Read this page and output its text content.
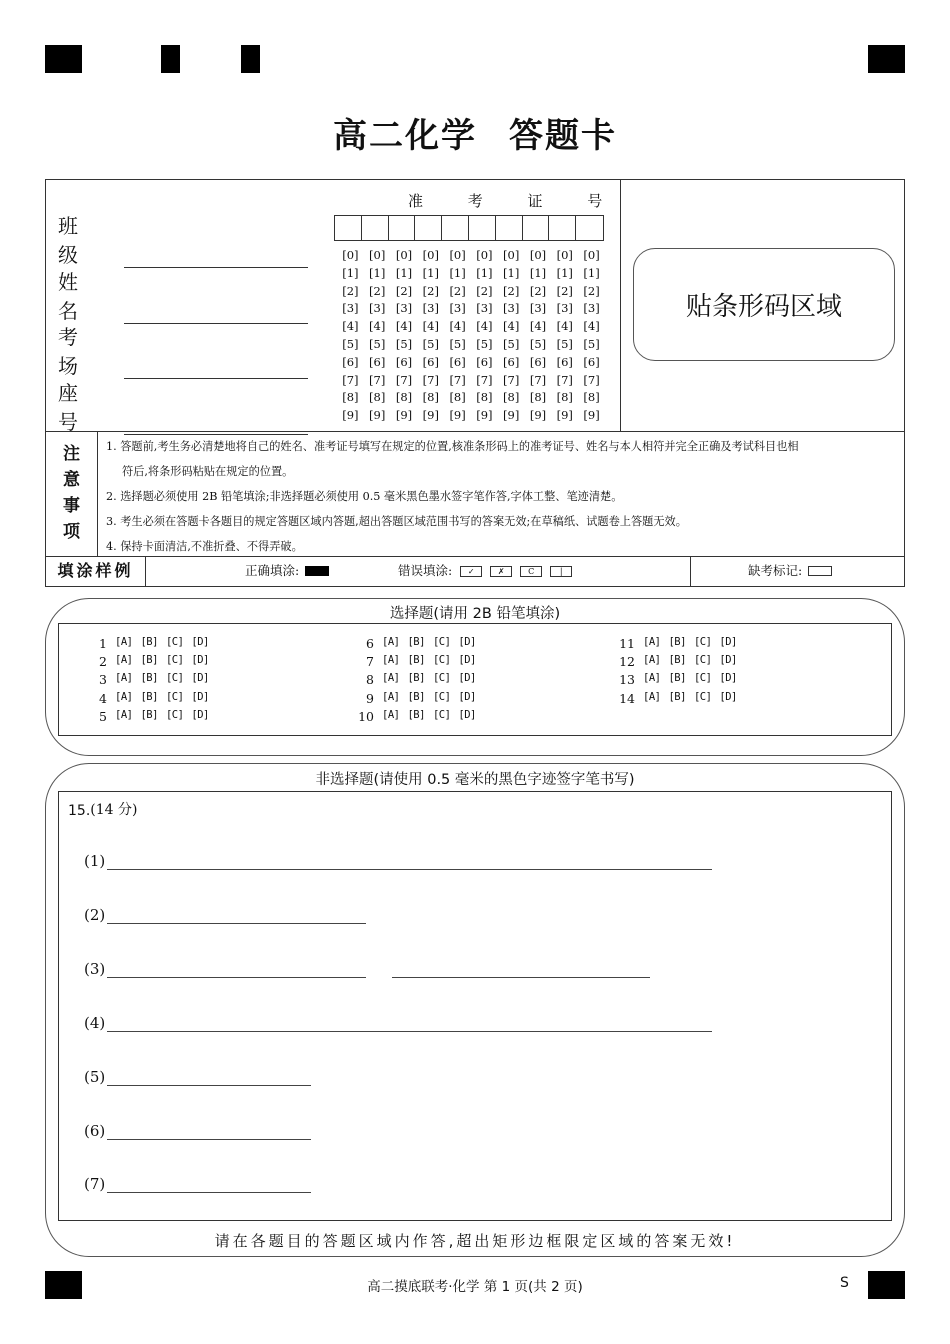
高二化学 答题卡
班 级
姓 名
考 场
座 号
准 考 证 号
[0] [0] [0] [0] [0] [0] [0] [0] [0] [0]
[1] [1] [1] [1] [1] [1] [1] [1] [1] [1]
[2] [2] [2] [2] [2] [2] [2] [2] [2] [2]
[3] [3] [3] [3] [3] [3] [3] [3] [3] [3]
[4] [4] [4] [4] [4] [4] [4] [4] [4] [4]
[5] [5] [5] [5] [5] [5] [5] [5] [5] [5]
[6] [6] [6] [6] [6] [6] [6] [6] [6] [6]
[7] [7] [7] [7] [7] [7] [7] [7] [7] [7]
[8] [8] [8] [8] [8] [8] [8] [8] [8] [8]
[9] [9] [9] [9] [9] [9] [9] [9] [9] [9]
贴条形码区域
注
意
事
项
1. 答题前,考生务必清楚地将自己的姓名、准考证号填写在规定的位置,核准条形码上的准考证号、姓名与本人相符并完全正确及考试科目也相
符后,将条形码粘贴在规定的位置。
2. 选择题必须使用 2B 铅笔填涂;非选择题必须使用 0.5 毫米黑色墨水签字笔作答,字体工整、笔迹清楚。
3. 考生必须在答题卡各题目的规定答题区域内答题,超出答题区域范围书写的答案无效;在草稿纸、试题卷上答题无效。
4. 保持卡面清洁,不准折叠、不得弄破。
填涂样例	正确填涂:	错误填涂:	✓	✗	C	|	缺考标记:
选择题(请用 2B 铅笔填涂)
1 [A] [B] [C] [D]
2 [A] [B] [C] [D]
3 [A] [B] [C] [D]
4 [A] [B] [C] [D]
5 [A] [B] [C] [D]
6 [A] [B] [C] [D]
7 [A] [B] [C] [D]
8 [A] [B] [C] [D]
9 [A] [B] [C] [D]
10 [A] [B] [C] [D]
11 [A] [B] [C] [D]
12 [A] [B] [C] [D]
13 [A] [B] [C] [D]
14 [A] [B] [C] [D]
非选择题(请使用 0.5 毫米的黑色字迹签字笔书写)
15. (14 分)
(1)
(2)
(3)
(4)
(5)
(6)
(7)
请在各题目的答题区域内作答,超出矩形边框限定区域的答案无效!
高二摸底联考·化学 第 1 页(共 2 页)	S
